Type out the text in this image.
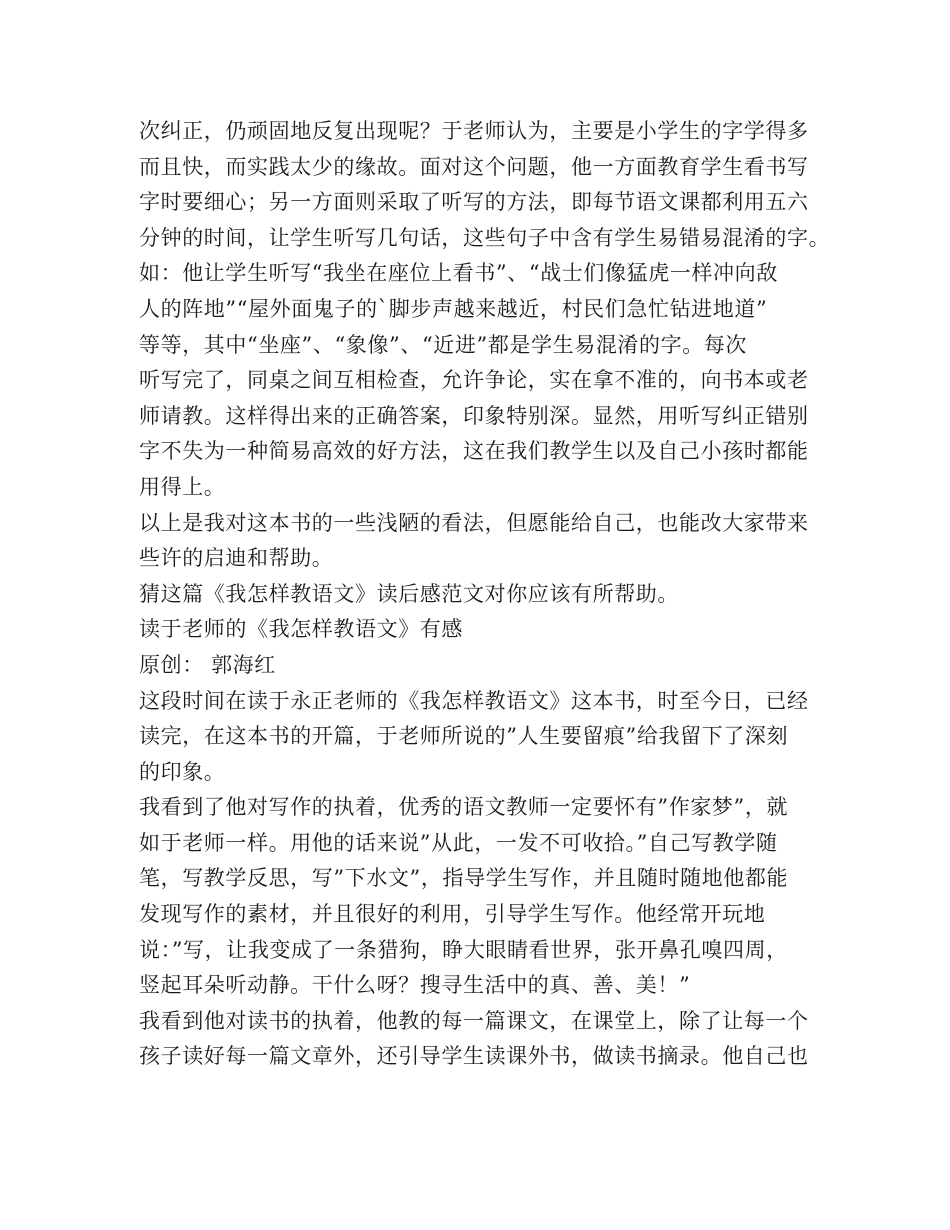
次纠正，仍顽固地反复出现呢？于老师认为，主要是小学生的字学得多
而且快，而实践太少的缘故。面对这个问题，他一方面教育学生看书写
字时要细心；另一方面则采取了听写的方法，即每节语文课都利用五六
分钟的时间，让学生听写几句话，这些句子中含有学生易错易混淆的字。
如：他让学生听写“我坐在座位上看书”、“战士们像猛虎一样冲向敌
人的阵地”“屋外面鬼子的`脚步声越来越近，村民们急忙钻进地道”
等等，其中“坐座”、“象像”、“近进”都是学生易混淆的字。每次
听写完了，同桌之间互相检查，允许争论，实在拿不准的，向书本或老
师请教。这样得出来的正确答案，印象特别深。显然，用听写纠正错别
字不失为一种简易高效的好方法，这在我们教学生以及自己小孩时都能
用得上。
以上是我对这本书的一些浅陋的看法，但愿能给自己，也能改大家带来
些许的启迪和帮助。
猜这篇《我怎样教语文》读后感范文对你应该有所帮助。
读于老师的《我怎样教语文》有感
原创： 郭海红
这段时间在读于永正老师的《我怎样教语文》这本书，时至今日，已经
读完，在这本书的开篇，于老师所说的”人生要留痕”给我留下了深刻
的印象。
我看到了他对写作的执着，优秀的语文教师一定要怀有”作家梦”，就
如于老师一样。用他的话来说”从此，一发不可收拾。”自己写教学随
笔，写教学反思，写”下水文”，指导学生写作，并且随时随地他都能
发现写作的素材，并且很好的利用，引导学生写作。他经常开玩地
说：”写，让我变成了一条猎狗，睁大眼睛看世界，张开鼻孔嗅四周，
竖起耳朵听动静。干什么呀？搜寻生活中的真、善、美！”
我看到他对读书的执着，他教的每一篇课文，在课堂上，除了让每一个
孩子读好每一篇文章外，还引导学生读课外书，做读书摘录。他自己也
